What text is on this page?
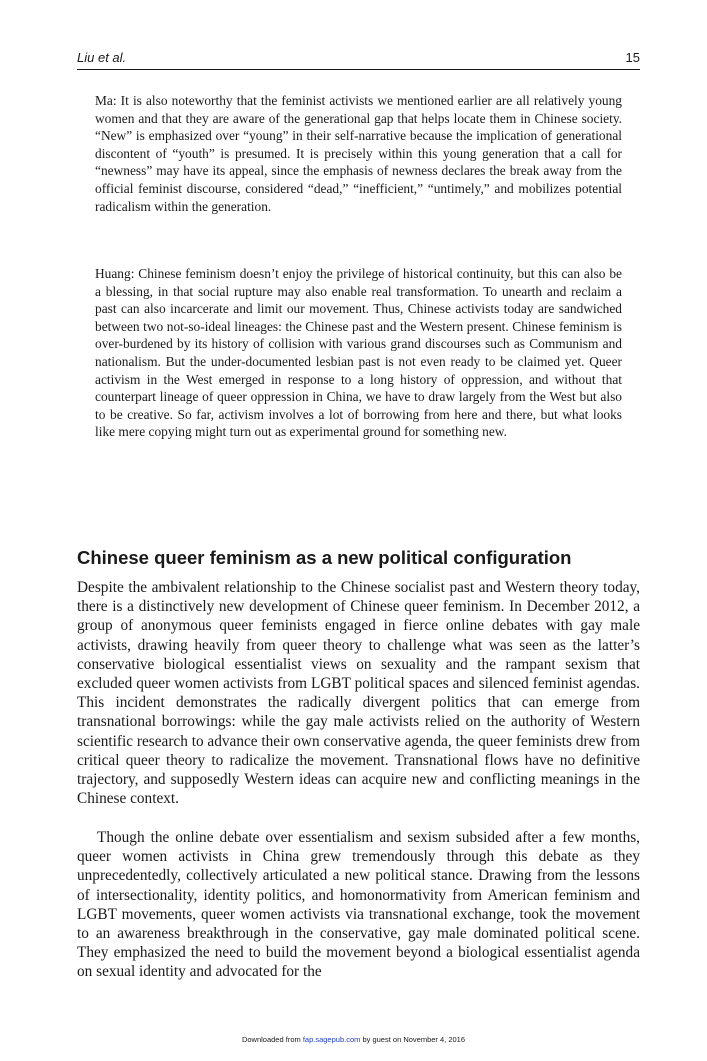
Liu et al.	15

Ma: It is also noteworthy that the feminist activists we mentioned earlier are all relatively young women and that they are aware of the generational gap that helps locate them in Chinese society. “New” is emphasized over “young” in their self-narrative because the implication of generational discontent of “youth” is presumed. It is precisely within this young generation that a call for “newness” may have its appeal, since the emphasis of newness declares the break away from the official feminist discourse, considered “dead,” “inefficient,” “untimely,” and mobilizes potential radicalism within the generation.

Huang: Chinese feminism doesn’t enjoy the privilege of historical continuity, but this can also be a blessing, in that social rupture may also enable real transformation. To unearth and reclaim a past can also incarcerate and limit our movement. Thus, Chinese activists today are sandwiched between two not-so-ideal lineages: the Chinese past and the Western present. Chinese feminism is over-burdened by its history of collision with various grand discourses such as Communism and nationalism. But the under-documented lesbian past is not even ready to be claimed yet. Queer activism in the West emerged in response to a long history of oppression, and without that counterpart lineage of queer oppression in China, we have to draw largely from the West but also to be creative. So far, activism involves a lot of borrowing from here and there, but what looks like mere copying might turn out as experimental ground for something new.

Chinese queer feminism as a new political configuration

Despite the ambivalent relationship to the Chinese socialist past and Western theory today, there is a distinctively new development of Chinese queer feminism. In December 2012, a group of anonymous queer feminists engaged in fierce online debates with gay male activists, drawing heavily from queer theory to challenge what was seen as the latter’s conservative biological essentialist views on sexuality and the rampant sexism that excluded queer women activists from LGBT political spaces and silenced feminist agendas. This incident demonstrates the radically divergent politics that can emerge from transnational borrowings: while the gay male activists relied on the authority of Western scientific research to advance their own conservative agenda, the queer feminists drew from critical queer theory to radicalize the movement. Transnational flows have no definitive trajectory, and supposedly Western ideas can acquire new and conflicting meanings in the Chinese context.

Though the online debate over essentialism and sexism subsided after a few months, queer women activists in China grew tremendously through this debate as they unprecedentedly, collectively articulated a new political stance. Drawing from the lessons of intersectionality, identity politics, and homonormativity from American feminism and LGBT movements, queer women activists via transnational exchange, took the movement to an awareness breakthrough in the conservative, gay male dominated political scene. They emphasized the need to build the movement beyond a biological essentialist agenda on sexual identity and advocated for the

Downloaded from fap.sagepub.com by guest on November 4, 2016
